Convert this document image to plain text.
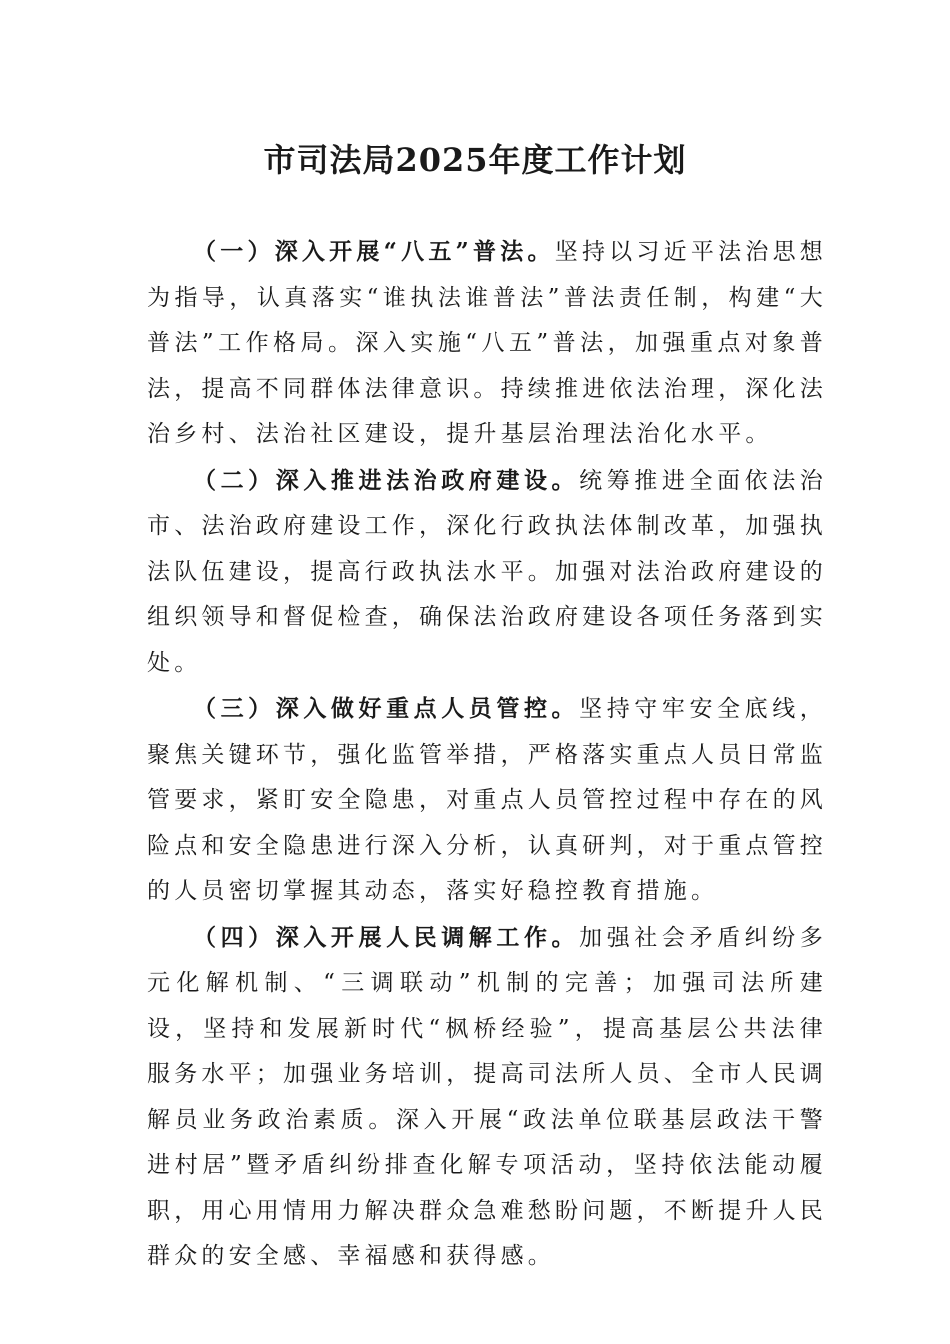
市司法局2025年度工作计划

（一）深入开展“八五”普法。坚持以习近平法治思想为指导，认真落实“谁执法谁普法”普法责任制，构建“大普法”工作格局。深入实施“八五”普法，加强重点对象普法，提高不同群体法律意识。持续推进依法治理，深化法治乡村、法治社区建设，提升基层治理法治化水平。

（二）深入推进法治政府建设。统筹推进全面依法治市、法治政府建设工作，深化行政执法体制改革，加强执法队伍建设，提高行政执法水平。加强对法治政府建设的组织领导和督促检查，确保法治政府建设各项任务落到实处。

（三）深入做好重点人员管控。坚持守牢安全底线，聚焦关键环节，强化监管举措，严格落实重点人员日常监管要求，紧盯安全隐患，对重点人员管控过程中存在的风险点和安全隐患进行深入分析，认真研判，对于重点管控的人员密切掌握其动态，落实好稳控教育措施。

（四）深入开展人民调解工作。加强社会矛盾纠纷多元化解机制、“三调联动”机制的完善；加强司法所建设，坚持和发展新时代“枫桥经验”，提高基层公共法律服务水平；加强业务培训，提高司法所人员、全市人民调解员业务政治素质。深入开展“政法单位联基层政法干警进村居”暨矛盾纠纷排查化解专项活动，坚持依法能动履职，用心用情用力解决群众急难愁盼问题，不断提升人民群众的安全感、幸福感和获得感。
